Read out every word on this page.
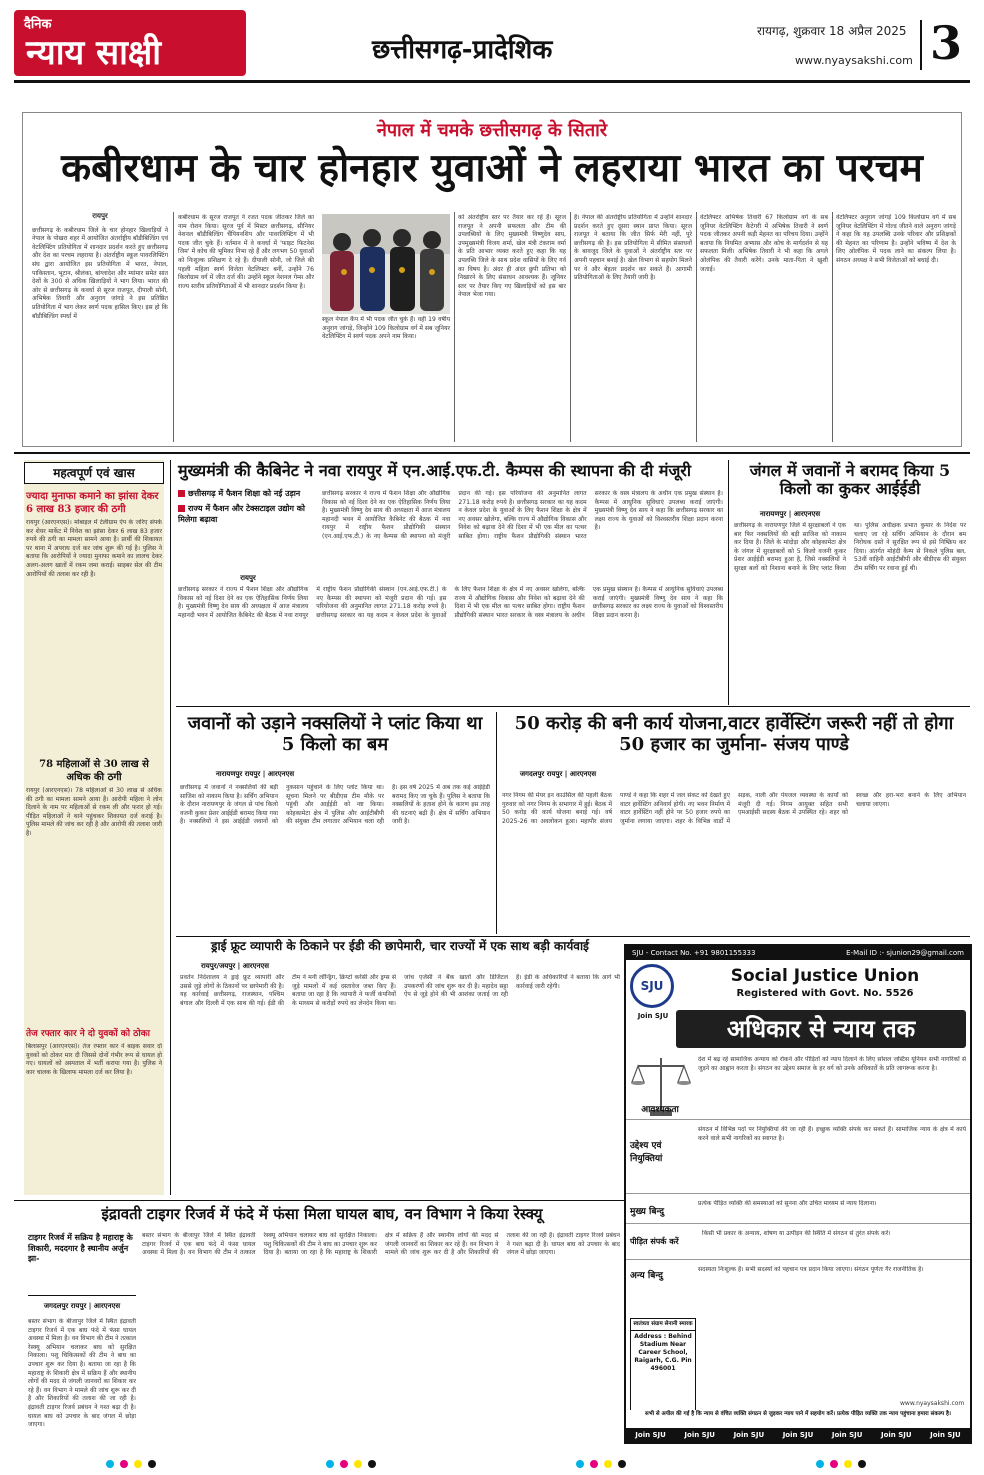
दैनिक
न्याय साक्षी	छत्तीसगढ़-प्रादेशिक
रायगढ़, शुक्रवार 18 अप्रैल 2025
www.nyaysakshi.com 3
नेपाल में चमके छत्तीसगढ़ के सितारे
कबीरधाम के चार होनहार युवाओं ने लहराया भारत का परचम
रायपुर
छत्तीसगढ़ के कबीरधाम जिले के चार होनहार खिलाड़ियों ने नेपाल के पोखरा शहर में आयोजित अंतर्राष्ट्रीय बॉडीबिल्डिंग एवं वेटलिफ्टिंग प्रतियोगिता में शानदार प्रदर्शन करते हुए छत्तीसगढ़ और देश का परचम लहराया है। अंतर्राष्ट्रीय स्कूल पावरलिफ्टिंग संघ द्वारा आयोजित इस प्रतियोगिता में भारत, नेपाल, पाकिस्तान, भूटान, श्रीलंका, बांग्लादेश और म्यांमार समेत सात देशों के 300 से अधिक खिलाड़ियों ने भाग लिया। भारत की ओर से छत्तीसगढ़ के कवर्धा से सूरज राजपूत, दीपाली सोनी, अभिषेक तिवारी और अनुराग जांगड़े ने इस प्रतिष्ठित प्रतियोगिता में भाग लेकर स्वर्ण पदक हासिल किए। इस हो कि बॉडीबिल्डिंग स्पर्धा में
कबीरधाम के सूरज राजपूत ने रजत पदक जीतकर जिले का नाम रोशन किया। सूरज पूर्व में मिस्टर छत्तीसगढ़, सीनियर नेशनल बॉडीबिल्डिंग चैंपियनशिप और पावरलिफ्टिंग में भी पदक जीत चुके हैं। वर्तमान में वे कवर्धा में 'फाइट फिटनेस जिम' में कोच की भूमिका निभा रहे हैं और लगभग 50 युवाओं को निःशुल्क प्रशिक्षण दे रहे हैं। दीपाली सोनी, जो जिले की पहली महिला स्वर्ण विजेता वेटलिफ्टर बनीं, उन्होंने 76 किलोग्राम वर्ग में जीत दर्ज की। उन्होंने स्कूल नेशनल गेम्स और राज्य स्तरीय प्रतियोगिताओं में भी शानदार प्रदर्शन किया है।
स्कूल नेपाल कैंप में भी पदक जीत चुके हैं। वहीं 19 वर्षीय अनुराग जांगड़े, जिन्होंने 109 किलोग्राम वर्ग में सब जूनियर वेटलिफ्टिंग में स्वर्ण पदक अपने नाम किया।
को अंतर्राष्ट्रीय स्तर पर तैयार कर रहे हैं। सूरज राजपूत ने अपनी सफलता और टीम की उपलब्धियों के लिए मुख्यमंत्री विष्णुदेव साय, उपमुख्यमंत्री विजय शर्मा, खेल मंत्री टंकराम वर्मा के प्रति आभार व्यक्त करते हुए कहा कि यह उपलब्धि जिले के साथ प्रदेश वासियों के लिए गर्व का विषय है। अंदर ही अंदर छुपी प्रतिभा को निखारने के लिए संसाधन आवश्यक हैं। जूनियर स्तर पर तैयार किए गए खिलाड़ियों को इस बार नेपाल भेजा गया।
है। नेपाल की अंतर्राष्ट्रीय प्रतियोगिता में उन्होंने शानदार प्रदर्शन करते हुए दूसरा स्थान प्राप्त किया। सूरज राजपूत ने बताया कि जीत सिर्फ मेरी नहीं, पूरे छत्तीसगढ़ की है। इस प्रतियोगिता में सीमित संसाधनों के बावजूद जिले के युवाओं ने अंतर्राष्ट्रीय स्तर पर अपनी पहचान बनाई है। खेल विभाग से सहयोग मिलने पर वे और बेहतर प्रदर्शन कर सकते हैं। आगामी प्रतियोगिताओं के लिए तैयारी जारी है।
वेटलिफ्टर अभिषेक तिवारी 67 किलोग्राम वर्ग के सब जूनियर वेटलिफ्टिंग कैटेगरी में अभिषेक तिवारी ने स्वर्ण पदक जीतकर अपनी कड़ी मेहनत का परिचय दिया। उन्होंने बताया कि नियमित अभ्यास और कोच के मार्गदर्शन से यह सफलता मिली। अभिषेक तिवारी ने भी कहा कि अगले ओलंपिक की तैयारी करेंगे। उनके माता-पिता ने खुशी जताई।
वेटलिफ्टर अनुराग जांगड़े 109 किलोग्राम वर्ग में सब जूनियर वेटलिफ्टिंग में गोल्ड जीतने वाले अनुराग जांगड़े ने कहा कि यह उपलब्धि उनके परिवार और प्रशिक्षकों की मेहनत का परिणाम है। उन्होंने भविष्य में देश के लिए ओलंपिक में पदक लाने का संकल्प लिया है। संगठन अध्यक्ष ने सभी विजेताओं को बधाई दी।
महत्वपूर्ण एवं खास
ज्यादा मुनाफा कमाने का झांसा देकर 6 लाख 83 हजार की ठगी
रायपुर (आरएनएस)। मोबाइल में टेलीग्राम ऐप के जरिए संपर्क कर शेयर मार्केट में निवेश का झांसा देकर 6 लाख 83 हजार रुपये की ठगी का मामला सामने आया है। प्रार्थी की शिकायत पर थाना में अपराध दर्ज कर जांच शुरू की गई है। पुलिस ने बताया कि आरोपियों ने ज्यादा मुनाफा कमाने का लालच देकर अलग-अलग खातों में रकम जमा कराई। साइबर सेल की टीम आरोपियों की तलाश कर रही है।
78 महिलाओं से 30 लाख से अधिक की ठगी
रायपुर (आरएनएस)। 78 महिलाओं से 30 लाख से अधिक की ठगी का मामला सामने आया है। आरोपी महिला ने लोन दिलाने के नाम पर महिलाओं से रकम ली और फरार हो गई। पीड़ित महिलाओं ने थाने पहुंचकर शिकायत दर्ज कराई है। पुलिस मामले की जांच कर रही है और आरोपी की तलाश जारी है।
तेज रफ्तार कार ने दो युवकों को ठोका
बिलासपुर (आरएनएस)। तेज रफ्तार कार ने बाइक सवार दो युवकों को ठोकर मार दी जिससे दोनों गंभीर रूप से घायल हो गए। घायलों को अस्पताल में भर्ती कराया गया है। पुलिस ने कार चालक के खिलाफ मामला दर्ज कर लिया है।
मुख्यमंत्री की कैबिनेट ने नवा रायपुर में एन.आई.एफ.टी. कैम्पस की स्थापना की दी मंजूरी
छत्तीसगढ़ में फैशन शिक्षा को नई उड़ान
राज्य में फैशन और टेक्सटाइल उद्योग को मिलेगा बढ़ावा
रायपुर
छत्तीसगढ़ सरकार ने राज्य में फैशन शिक्षा और औद्योगिक विकास को नई दिशा देने का एक ऐतिहासिक निर्णय लिया है। मुख्यमंत्री विष्णु देव साय की अध्यक्षता में आज मंत्रालय महानदी भवन में आयोजित कैबिनेट की बैठक में नवा रायपुर में राष्ट्रीय फैशन प्रौद्योगिकी संस्थान (एन.आई.एफ.टी.) के नए कैम्पस की स्थापना को मंजूरी प्रदान की गई। इस परियोजना की अनुमानित लागत 271.18 करोड़ रुपये है। छत्तीसगढ़ सरकार का यह कदम न केवल प्रदेश के युवाओं के लिए फैशन शिक्षा के क्षेत्र में नए अवसर खोलेगा, बल्कि राज्य में औद्योगिक विकास और निवेश को बढ़ावा देने की दिशा में भी एक मील का पत्थर साबित होगा। राष्ट्रीय फैशन प्रौद्योगिकी संस्थान भारत सरकार के वस्त्र मंत्रालय के अधीन एक प्रमुख संस्थान है। कैम्पस में आधुनिक सुविधाएं उपलब्ध कराई जाएंगी। मुख्यमंत्री विष्णु देव साय ने कहा कि छत्तीसगढ़ सरकार का लक्ष्य राज्य के युवाओं को विश्वस्तरीय शिक्षा प्रदान करना है।
छत्तीसगढ़ सरकार ने राज्य में फैशन शिक्षा और औद्योगिक विकास को नई दिशा देने का एक ऐतिहासिक निर्णय लिया है। मुख्यमंत्री विष्णु देव साय की अध्यक्षता में आज मंत्रालय महानदी भवन में आयोजित कैबिनेट की बैठक में नवा रायपुर में राष्ट्रीय फैशन प्रौद्योगिकी संस्थान (एन.आई.एफ.टी.) के नए कैम्पस की स्थापना को मंजूरी प्रदान की गई। इस परियोजना की अनुमानित लागत 271.18 करोड़ रुपये है। छत्तीसगढ़ सरकार का यह कदम न केवल प्रदेश के युवाओं के लिए फैशन शिक्षा के क्षेत्र में नए अवसर खोलेगा, बल्कि राज्य में औद्योगिक विकास और निवेश को बढ़ावा देने की दिशा में भी एक मील का पत्थर साबित होगा। राष्ट्रीय फैशन प्रौद्योगिकी संस्थान भारत सरकार के वस्त्र मंत्रालय के अधीन एक प्रमुख संस्थान है। कैम्पस में आधुनिक सुविधाएं उपलब्ध कराई जाएंगी। मुख्यमंत्री विष्णु देव साय ने कहा कि छत्तीसगढ़ सरकार का लक्ष्य राज्य के युवाओं को विश्वस्तरीय शिक्षा प्रदान करना है।
जंगल में जवानों ने बरामद किया 5 किलो का कुकर आईईडी
नारायणपुर | आरएनएस
छत्तीसगढ़ के नारायणपुर जिले में सुरक्षाबलों ने एक बार फिर नक्सलियों की बड़ी साजिश को नाकाम कर दिया है। जिले के मांदोड़ा और कोहकामेटा क्षेत्र के जंगल में सुरक्षाबलों को 5 किलो वजनी कुकर प्रेशर आईईडी बरामद हुआ है, जिसे नक्सलियों ने सुरक्षा बलों को निशाना बनाने के लिए प्लांट किया था। पुलिस अधीक्षक प्रभात कुमार के निर्देश पर चलाए जा रहे सर्चिंग अभियान के दौरान बम निरोधक दस्ते ने सुरक्षित रूप से इसे निष्क्रिय कर दिया। अंतर्गत मोहंदी कैम्प से निकले पुलिस बल, 53वीं वाहिनी आईटीबीपी और बीडीएस की संयुक्त टीम सर्चिंग पर रवाना हुई थी।
जवानों को उड़ाने नक्सलियों ने प्लांट किया था 5 किलो का बम
नारायणपुर रायपुर | आरएनएस
छत्तीसगढ़ में जवानों ने नक्सलियों की बड़ी साजिश को नाकाम किया है। सर्चिंग अभियान के दौरान नारायणपुर के जंगल से पांच किलो वजनी कुकर प्रेशर आईईडी बरामद किया गया है। नक्सलियों ने इस आईईडी जवानों को नुकसान पहुंचाने के लिए प्लांट किया था। सूचना मिलने पर बीडीएस टीम मौके पर पहुंची और आईईडी को नष्ट किया। कोहकामेटा क्षेत्र में पुलिस और आईटीबीपी की संयुक्त टीम लगातार अभियान चला रही है। इस वर्ष 2025 में अब तक कई आईईडी बरामद किए जा चुके हैं। पुलिस ने बताया कि नक्सलियों के हताश होने के कारण इस तरह की घटनाएं बढ़ी हैं। क्षेत्र में सर्चिंग अभियान जारी है।
50 करोड़ की बनी कार्य योजना,वाटर हार्वेस्टिंग जरूरी नहीं तो होगा 50 हजार का जुर्माना- संजय पाण्डे
जगदलपुर रायपुर | आरएनएस
नगर निगम की मेयर इन काउंसिल की पहली बैठक गुरुवार को नगर निगम के सभागार में हुई। बैठक में 50 करोड़ की कार्य योजना बनाई गई। वर्ष 2025-26 का अवलोकन हुआ। महापौर संजय पाण्डे ने कहा कि शहर में जल संकट को देखते हुए वाटर हार्वेस्टिंग अनिवार्य होगी। नए भवन निर्माण में वाटर हार्वेस्टिंग नहीं होने पर 50 हजार रुपये का जुर्माना लगाया जाएगा। शहर के विभिन्न वार्डों में सड़क, नाली और पेयजल व्यवस्था के कार्यों को मंजूरी दी गई। निगम आयुक्त सहित सभी एमआईसी सदस्य बैठक में उपस्थित रहे। शहर को स्वच्छ और हरा-भरा बनाने के लिए अभियान चलाया जाएगा।
ड्राई फ्रूट व्यापारी के ठिकाने पर ईडी की छापेमारी, चार राज्यों में एक साथ बड़ी कार्यवाई
रायपुर/जयपुर | आरएनएस
प्रवर्तन निदेशालय ने ड्राई फ्रूट व्यापारी और उससे जुड़े लोगों के ठिकानों पर छापेमारी की है। यह कार्रवाई छत्तीसगढ़, राजस्थान, पश्चिम बंगाल और दिल्ली में एक साथ की गई। ईडी की टीम ने मनी लॉन्ड्रिंग, क्रिप्टो करेंसी और ड्रग्स से जुड़े मामलों में कई दस्तावेज जब्त किए हैं। बताया जा रहा है कि व्यापारी ने फर्जी कंपनियों के माध्यम से करोड़ों रुपये का लेनदेन किया था। जांच एजेंसी ने बैंक खातों और डिजिटल उपकरणों की जांच शुरू कर दी है। महादेव सट्टा ऐप से जुड़े होने की भी आशंका जताई जा रही है। ईडी के अधिकारियों ने बताया कि आगे भी कार्रवाई जारी रहेगी।
इंद्रावती टाइगर रिजर्व में फंदे में फंसा मिला घायल बाघ, वन विभाग ने किया रेस्क्यू
टाइगर रिजर्व में सक्रिय है महाराष्ट्र के शिकारी, मददगार है स्थानीय अर्जुन झा-
जगदलपुर रायपुर | आरएनएस
बस्तर संभाग के बीजापुर जिले में स्थित इंद्रावती टाइगर रिजर्व में एक बाघ फंदे में फंसा घायल अवस्था में मिला है। वन विभाग की टीम ने तत्काल रेस्क्यू अभियान चलाकर बाघ को सुरक्षित निकाला। पशु चिकित्सकों की टीम ने बाघ का उपचार शुरू कर दिया है। बताया जा रहा है कि महाराष्ट्र के शिकारी क्षेत्र में सक्रिय हैं और स्थानीय लोगों की मदद से जंगली जानवरों का शिकार कर रहे हैं। वन विभाग ने मामले की जांच शुरू कर दी है और शिकारियों की तलाश की जा रही है। इंद्रावती टाइगर रिजर्व प्रबंधन ने गश्त बढ़ा दी है। घायल बाघ को उपचार के बाद जंगल में छोड़ा जाएगा।
बस्तर संभाग के बीजापुर जिले में स्थित इंद्रावती टाइगर रिजर्व में एक बाघ फंदे में फंसा घायल अवस्था में मिला है। वन विभाग की टीम ने तत्काल रेस्क्यू अभियान चलाकर बाघ को सुरक्षित निकाला। पशु चिकित्सकों की टीम ने बाघ का उपचार शुरू कर दिया है। बताया जा रहा है कि महाराष्ट्र के शिकारी क्षेत्र में सक्रिय हैं और स्थानीय लोगों की मदद से जंगली जानवरों का शिकार कर रहे हैं। वन विभाग ने मामले की जांच शुरू कर दी है और शिकारियों की तलाश की जा रही है। इंद्रावती टाइगर रिजर्व प्रबंधन ने गश्त बढ़ा दी है। घायल बाघ को उपचार के बाद जंगल में छोड़ा जाएगा।
SJU - Contact No. +91 9801155333	E-Mail ID :- sjunion29@gmail.com
SJU
Join SJU
Social Justice Union
Registered with Govt. No. 5526
अधिकार से न्याय तक
आवश्यकता
देश में बढ़ रहे सामाजिक अन्याय को रोकने और पीड़ितों को न्याय दिलाने के लिए सोशल जस्टिस यूनियन सभी नागरिकों से जुड़ने का आह्वान करता है। संगठन का उद्देश्य समाज के हर वर्ग को उनके अधिकारों के प्रति जागरूक करना है।
उद्देश्य एवं नियुक्तियां
संगठन में विभिन्न पदों पर नियुक्तियां की जा रही हैं। इच्छुक व्यक्ति संपर्क कर सकते हैं। सामाजिक न्याय के क्षेत्र में कार्य करने वाले सभी नागरिकों का स्वागत है।
मुख्य बिन्दु
प्रत्येक पीड़ित व्यक्ति की समस्याओं को सुनना और उचित माध्यम से न्याय दिलाना।
पीड़ित संपर्क करें
किसी भी प्रकार के अन्याय, शोषण या उत्पीड़न की स्थिति में संगठन से तुरंत संपर्क करें।
अन्य बिन्दु
सदस्यता निःशुल्क है। सभी सदस्यों को पहचान पत्र प्रदान किया जाएगा। संगठन पूर्णतः गैर राजनीतिक है।
स्वतंत्रता संग्राम सेनानी स्मारक
Address : Behind Stadium Near Career School, Raigarh, C.G. Pin 496001
www.nyaysakshi.com
सभी से अपील की गई है कि न्याय से वंचित व्यक्ति संगठन से जुड़कर न्याय पाने में सहयोग करें। प्रत्येक पीड़ित व्यक्ति तक न्याय पहुंचाना हमारा संकल्प है।
Join SJU	Join SJU	Join SJU	Join SJU	Join SJU	Join SJU	Join SJU
